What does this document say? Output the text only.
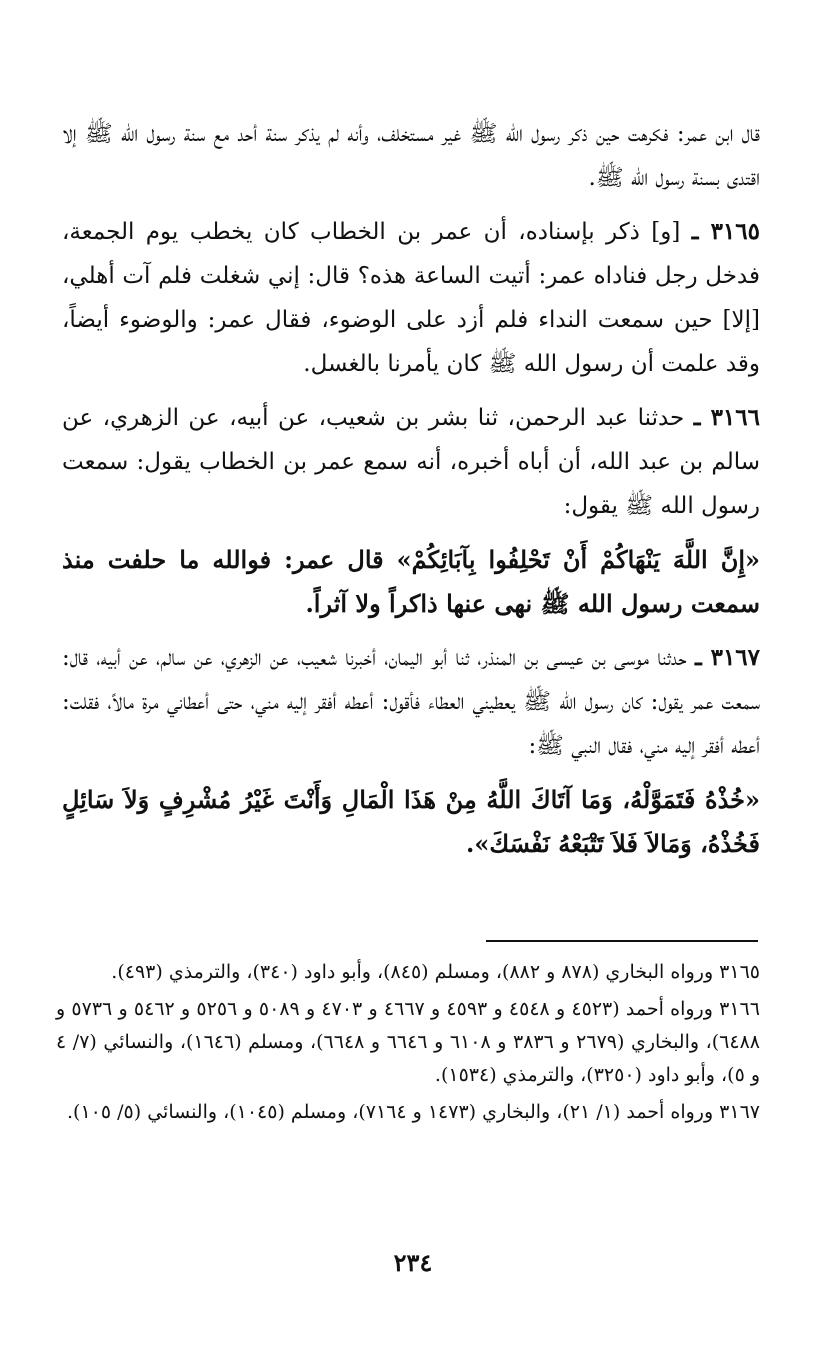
قال ابن عمر: فكرهت حين ذكر رسول الله ﷺ غير مستخلف، وأنه لم يذكر سنة أحد مع سنة رسول الله ﷺ إلا اقتدى بسنة رسول الله ﷺ.

٣١٦٥ ـ [و] ذكر بإسناده، أن عمر بن الخطاب كان يخطب يوم الجمعة، فدخل رجل فناداه عمر: أتيت الساعة هذه؟ قال: إني شغلت فلم آت أهلي، [إلا] حين سمعت النداء فلم أزد على الوضوء، فقال عمر: والوضوء أيضاً، وقد علمت أن رسول الله ﷺ كان يأمرنا بالغسل.

٣١٦٦ ـ حدثنا عبد الرحمن، ثنا بشر بن شعيب، عن أبيه، عن الزهري، عن سالم بن عبد الله، أن أباه أخبره، أنه سمع عمر بن الخطاب يقول: سمعت رسول الله ﷺ يقول:

«إِنَّ اللَّهَ يَنْهَاكُمْ أَنْ تَحْلِفُوا بِآبَائِكُمْ» قال عمر: فوالله ما حلفت منذ سمعت رسول الله ﷺ نهى عنها ذاكراً ولا آثراً.

٣١٦٧ ـ حدثنا موسى بن عيسى بن المنذر، ثنا أبو اليمان، أخبرنا شعيب، عن الزهري، عن سالم، عن أبيه، قال: سمعت عمر يقول: كان رسول الله ﷺ يعطيني العطاء فأقول: أعطه أفقر إليه مني، حتى أعطاني مرة مالاً، فقلت: أعطه أفقر إليه مني، فقال النبي ﷺ:

«خُذْهُ فَتَمَوَّلْهُ، وَمَا آتَاكَ اللَّهُ مِنْ هَذَا الْمَالِ وَأَنْتَ غَيْرُ مُشْرِفٍ وَلاَ سَائِلٍ فَخُذْهُ، وَمَالاَ فَلاَ تَتْبَعْهُ نَفْسَكَ».

٣١٦٥ ورواه البخاري (٨٧٨ و ٨٨٢)، ومسلم (٨٤٥)، وأبو داود (٣٤٠)، والترمذي (٤٩٣).

٣١٦٦ ورواه أحمد (٤٥٢٣ و ٤٥٤٨ و ٤٥٩٣ و ٤٦٦٧ و ٤٧٠٣ و ٥٠٨٩ و ٥٢٥٦ و ٥٤٦٢ و ٥٧٣٦ و ٦٤٨٨)، والبخاري (٢٦٧٩ و ٣٨٣٦ و ٦١٠٨ و ٦٦٤٦ و ٦٦٤٨)، ومسلم (١٦٤٦)، والنسائي (٧/ ٤ و ٥)، وأبو داود (٣٢٥٠)، والترمذي (١٥٣٤).

٣١٦٧ ورواه أحمد (١/ ٢١)، والبخاري (١٤٧٣ و ٧١٦٤)، ومسلم (١٠٤٥)، والنسائي (٥/ ١٠٥).

٢٣٤
